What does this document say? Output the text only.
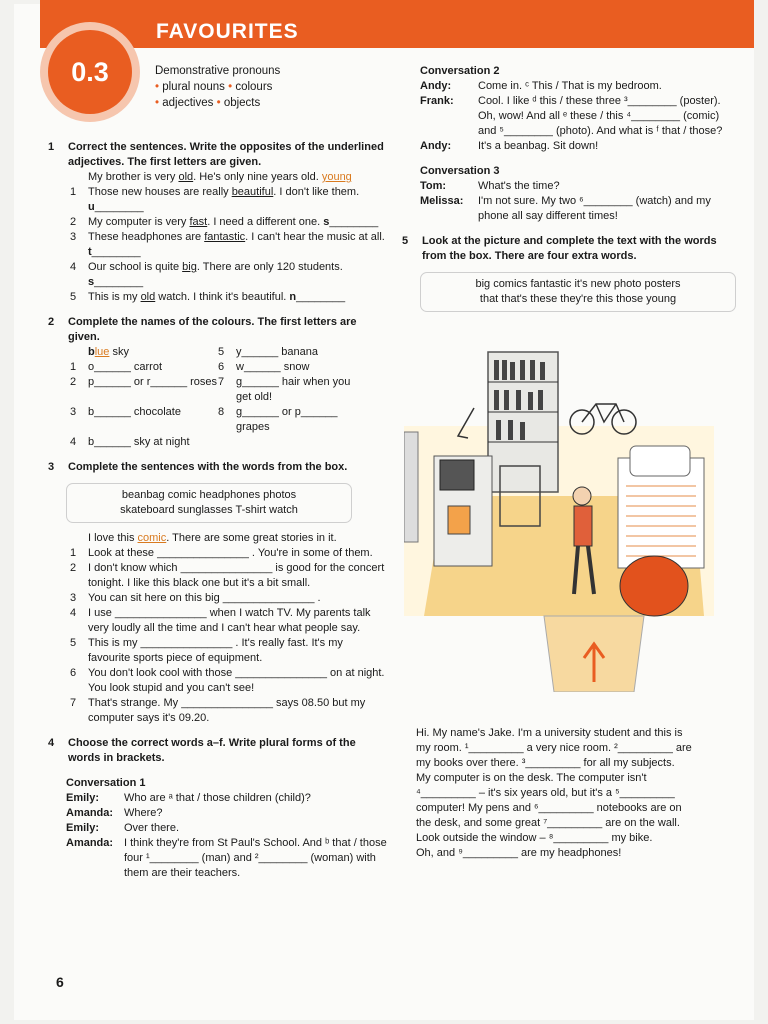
0.3
FAVOURITES
Demonstrative pronouns
• plural nouns • colours
• adjectives • objects
1 Correct the sentences. Write the opposites of the underlined adjectives. The first letters are given.
My brother is very old. He's only nine years old. young
1 Those new houses are really beautiful. I don't like them. u________
2 My computer is very fast. I need a different one. s________
3 These headphones are fantastic. I can't hear the music at all. t________
4 Our school is quite big. There are only 120 students. s________
5 This is my old watch. I think it's beautiful. n________
2 Complete the names of the colours. The first letters are given.
blue sky	5 y______ banana
1 o______ carrot	6 w______ snow
2 p______ or r______ roses 7 g______ hair when you get old!
3 b______ chocolate	8 g______ or p______ grapes
4 b______ sky at night
3 Complete the sentences with the words from the box.
beanbag comic headphones photos
skateboard sunglasses T-shirt watch
I love this comic. There are some great stories in it.
1 Look at these _______________ . You're in some of them.
2 I don't know which _______________ is good for the concert tonight. I like this black one but it's a bit small.
3 You can sit here on this big _______________ .
4 I use _______________ when I watch TV. My parents talk very loudly all the time and I can't hear what people say.
5 This is my _______________ . It's really fast. It's my favourite sports piece of equipment.
6 You don't look cool with those _______________ on at night. You look stupid and you can't see!
7 That's strange. My _______________ says 08.50 but my computer says it's 09.20.
4 Choose the correct words a–f. Write plural forms of the words in brackets.
Conversation 1
Emily:	Who are ᵃ that / those children (child)?
Amanda: Where?
Emily:	Over there.
Amanda: I think they're from St Paul's School. And ᵇ that / those four ¹________ (man) and ²________ (woman) with them are their teachers.
Conversation 2
Andy:	Come in. ᶜ This / That is my bedroom.
Frank:	Cool. I like ᵈ this / these three ³________ (poster). Oh, wow! And all ᵉ these / this ⁴________ (comic) and ⁵________ (photo). And what is ᶠ that / those?
Andy:	It's a beanbag. Sit down!
Conversation 3
Tom:	What's the time?
Melissa:	I'm not sure. My two ⁶________ (watch) and my phone all say different times!
5 Look at the picture and complete the text with the words from the box. There are four extra words.
big comics fantastic it's new photo posters
that that's these they're this those young
Hi. My name's Jake. I'm a university student and this is
my room. ¹_________ a very nice room. ²_________ are
my books over there. ³_________ for all my subjects.
My computer is on the desk. The computer isn't
⁴_________ – it's six years old, but it's a ⁵_________
computer! My pens and ⁶_________ notebooks are on
the desk, and some great ⁷_________ are on the wall.
Look outside the window – ⁸_________ my bike.
Oh, and ⁹_________ are my headphones!
6
